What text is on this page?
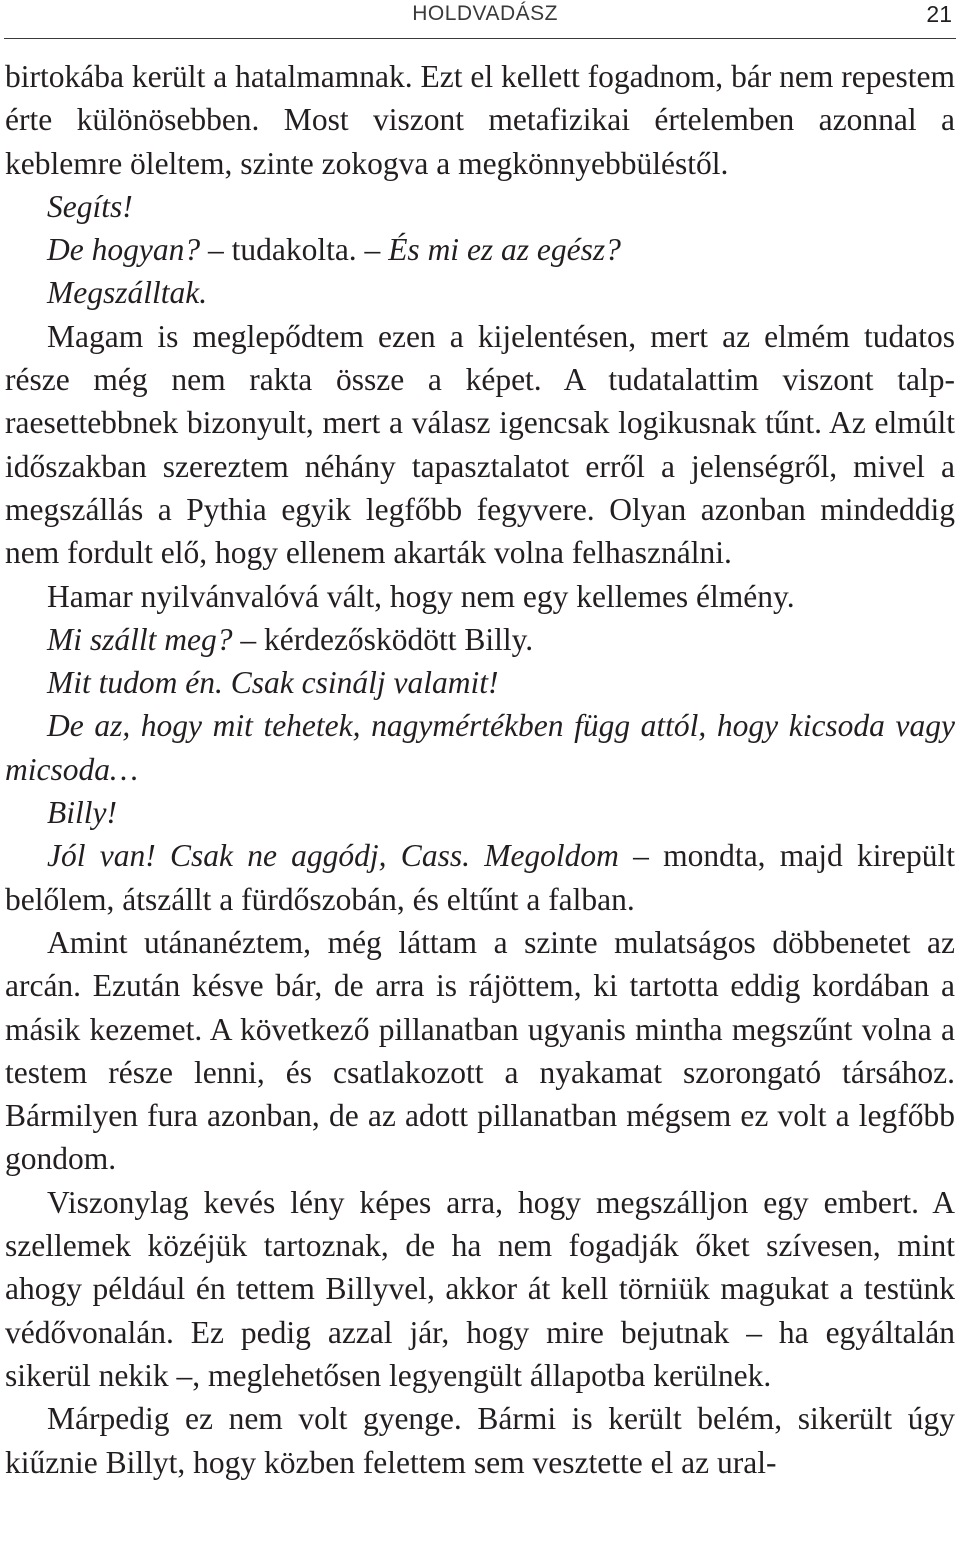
HOLDVADÁSZ	21

birtokába került a hatalmamnak. Ezt el kellett fogadnom, bár nem repestem érte különösebben. Most viszont metafizikai értelemben azonnal a keblemre öleltem, szinte zokogva a megkönnyebbüléstől.

Segíts!

De hogyan? – tudakolta. – És mi ez az egész?

Megszálltak.

Magam is meglepődtem ezen a kijelentésen, mert az elmém tudatos része még nem rakta össze a képet. A tudatalattim viszont talpraesettebbnek bizonyult, mert a válasz igencsak logikusnak tűnt. Az elmúlt időszakban szereztem néhány tapasztalatot erről a jelenségről, mivel a megszállás a Pythia egyik legfőbb fegyvere. Olyan azonban mindeddig nem fordult elő, hogy ellenem akarták volna felhasználni.

Hamar nyilvánvalóvá vált, hogy nem egy kellemes élmény.

Mi szállt meg? – kérdezősködött Billy.

Mit tudom én. Csak csinálj valamit!

De az, hogy mit tehetek, nagymértékben függ attól, hogy kicsoda vagy micsoda…

Billy!

Jól van! Csak ne aggódj, Cass. Megoldom – mondta, majd kirepült belőlem, átszállt a fürdőszobán, és eltűnt a falban.

Amint utánanéztem, még láttam a szinte mulatságos döbbenetet az arcán. Ezután késve bár, de arra is rájöttem, ki tartotta eddig kordában a másik kezemet. A következő pillanatban ugyanis mintha megszűnt volna a testem része lenni, és csatlakozott a nyakamat szorongató társához. Bármilyen fura azonban, de az adott pillanatban mégsem ez volt a legfőbb gondom.

Viszonylag kevés lény képes arra, hogy megszálljon egy embert. A szellemek közéjük tartoznak, de ha nem fogadják őket szívesen, mint ahogy például én tettem Billyvel, akkor át kell törniük magukat a testünk védővonalán. Ez pedig azzal jár, hogy mire bejutnak – ha egyáltalán sikerül nekik –, meglehetősen legyengült állapotba kerülnek.

Márpedig ez nem volt gyenge. Bármi is került belém, sikerült úgy kiűznie Billyt, hogy közben felettem sem vesztette el az ural-
